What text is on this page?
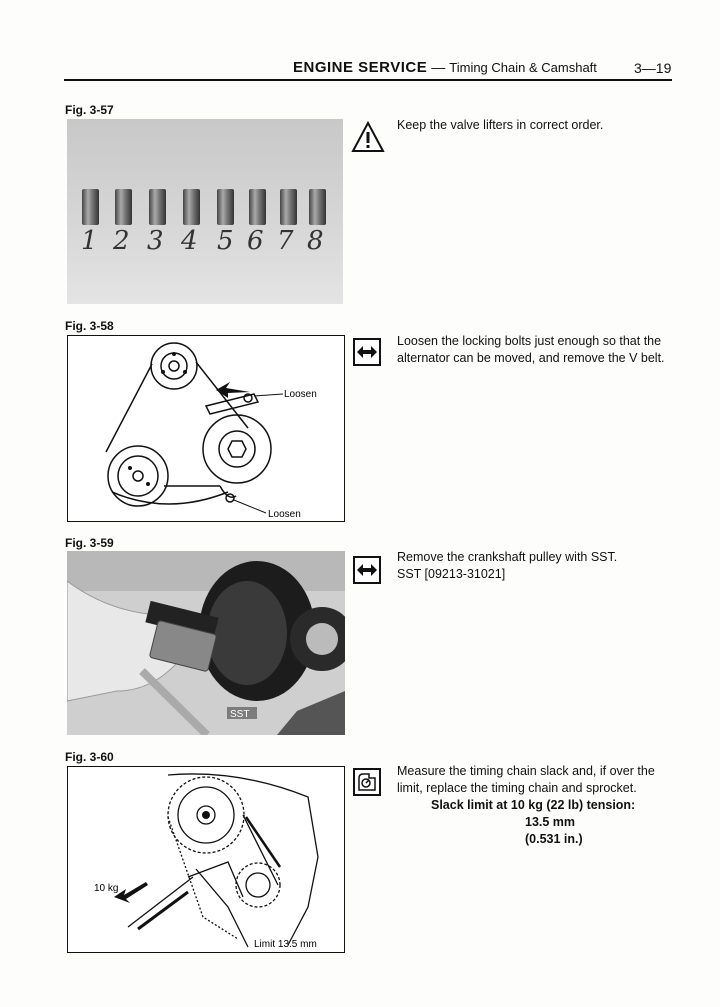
ENGINE SERVICE — Timing Chain & Camshaft	3—19
Fig. 3-57
1 2 3 4 5 6 7 8
Keep the valve lifters in correct order.
Fig. 3-58
Loosen
Loosen
Loosen the locking bolts just enough so that the alternator can be moved, and remove the V belt.
Fig. 3-59
SST

Remove the crankshaft pulley with SST.

SST [09213-31021]

Fig. 3-60
10 kg
Limit 13.5 mm

Measure the timing chain slack and, if over the limit, replace the timing chain and sprocket.

Slack limit at 10 kg (22 lb) tension:

13.5 mm

(0.531 in.)
